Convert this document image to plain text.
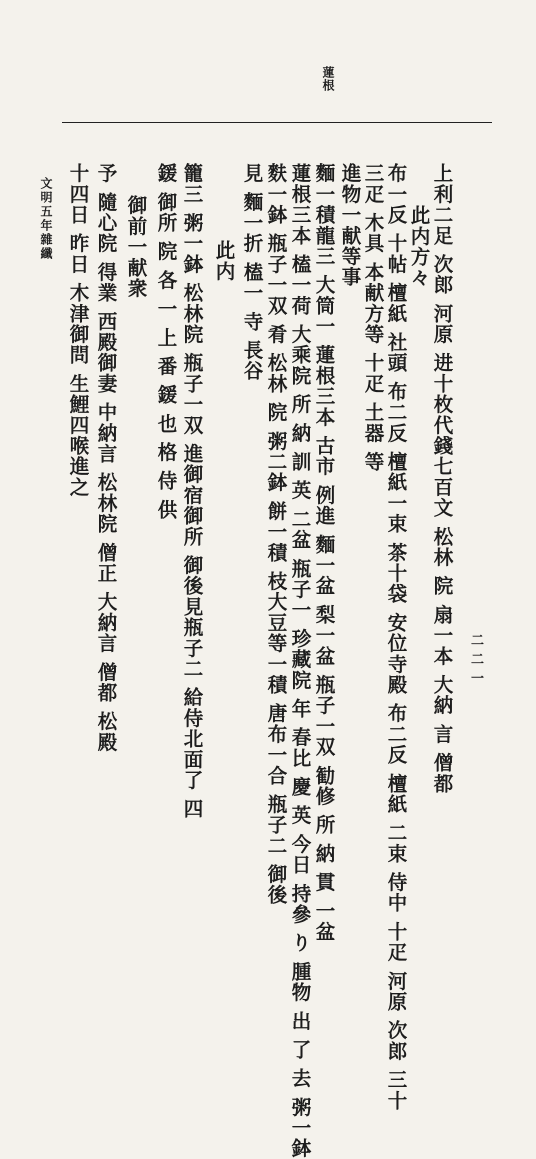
蓮根
上利二足 次郎 河原 进十枚代錢七百文 松林 院 扇一本 大納 言 僧都
此内方々
布一反 十帖 檀紙 社頭 布二反 檀紙一束 茶十袋 安位寺殿 布二反 檀紙 二束 侍中 十疋 河原 次郎 三十
三疋 木具 本献方等 十疋 土器 等
進物一献等事
麵一積龍三 大筒一 蓮根三本 古市 例進 麵一盆 梨一盆 瓶子一双 勧修 所 納 貫 一盆
蓮根三本 榼一荷 大乘院 所 納 訓 英 二盆 瓶子一 珍藏院 年 春比 慶 英 今日 持參 り 腫物 出 了 去 粥一鉢
麩一鉢 瓶子一双 肴 松林 院 粥二鉢 餅一積 枝大豆等一積 唐布一合 瓶子二 御後
見 麵一折 榼一 寺 長谷
此内
籠三 粥一鉢 松林院 瓶子一双 進御宿御所 御後見瓶子二 給侍北面了 四
鍰 御所 院 各 一 上 番 鍰 也 格 侍 供
御前一献衆
予 隨心院 得業 西殿御妻 中納言 松林院 僧正 大納言 僧都 松殿
十四日 昨日 木津御問 生鯉四喉進之
文明五年雜纖
二二一
